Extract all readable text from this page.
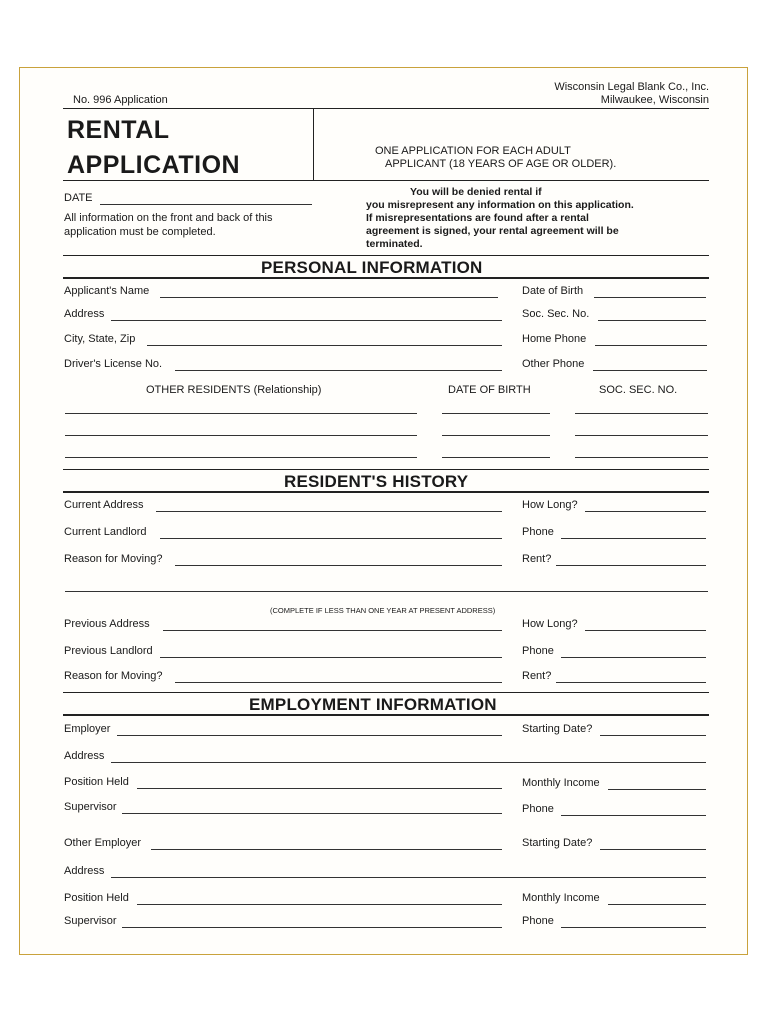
No. 996 Application
Wisconsin Legal Blank Co., Inc.
Milwaukee, Wisconsin
RENTAL
APPLICATION	ONE APPLICATION FOR EACH ADULT
APPLICANT (18 YEARS OF AGE OR OLDER).
DATE
All information on the front and back of this
application must be completed.
You will be denied rental if
you misrepresent any information on this application.
If misrepresentations are found after a rental
agreement is signed, your rental agreement will be
terminated.
PERSONAL INFORMATION
Applicant's Name	Date of Birth
Address	Soc. Sec. No.
City, State, Zip	Home Phone
Driver's License No.	Other Phone
OTHER RESIDENTS (Relationship)	DATE OF BIRTH	SOC. SEC. NO.
RESIDENT'S HISTORY
Current Address	How Long?
Current Landlord	Phone
Reason for Moving?	Rent?
(COMPLETE IF LESS THAN ONE YEAR AT PRESENT ADDRESS)
Previous Address	How Long?
Previous Landlord	Phone
Reason for Moving?	Rent?
EMPLOYMENT INFORMATION
Employer	Starting Date?
Address
Position Held	Monthly Income
Supervisor	Phone
Other Employer	Starting Date?
Address
Position Held	Monthly Income
Supervisor	Phone
